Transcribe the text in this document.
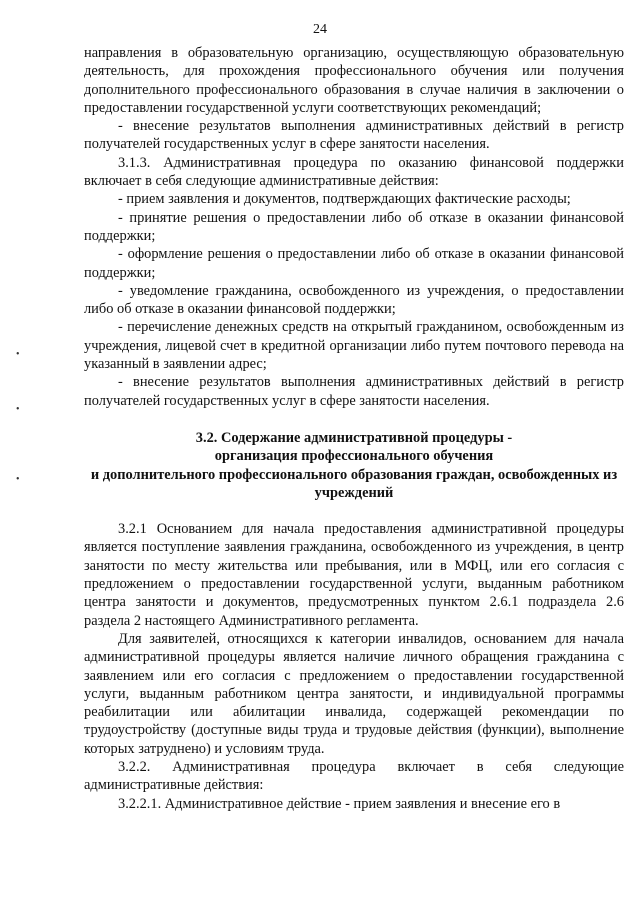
24
•
•
•

направления в образовательную организацию, осуществляющую образовательную деятельность, для прохождения профессионального обучения или получения дополнительного профессионального образования в случае наличия в заключении о предоставлении государственной услуги соответствующих рекомендаций;

- внесение результатов выполнения административных действий в регистр получателей государственных услуг в сфере занятости населения.

3.1.3. Административная процедура по оказанию финансовой поддержки включает в себя следующие административные действия:

- прием заявления и документов, подтверждающих фактические расходы;

- принятие решения о предоставлении либо об отказе в оказании финансовой поддержки;

- оформление решения о предоставлении либо об отказе в оказании финансовой поддержки;

- уведомление гражданина, освобожденного из учреждения, о предоставлении либо об отказе в оказании финансовой поддержки;

- перечисление денежных средств на открытый гражданином, освобожденным из учреждения, лицевой счет в кредитной организации либо путем почтового перевода на указанный в заявлении адрес;

- внесение результатов выполнения административных действий в регистр получателей государственных услуг в сфере занятости населения.

3.2. Содержание административной процедуры -
организация профессионального обучения
и дополнительного профессионального образования граждан, освобожденных из учреждений

3.2.1 Основанием для начала предоставления административной процедуры является поступление заявления гражданина, освобожденного из учреждения, в центр занятости по месту жительства или пребывания, или в МФЦ, или его согласия с предложением о предоставлении государственной услуги, выданным работником центра занятости и документов, предусмотренных пунктом 2.6.1 подраздела 2.6 раздела 2 настоящего Административного регламента.

Для заявителей, относящихся к категории инвалидов, основанием для начала административной процедуры является наличие личного обращения гражданина с заявлением или его согласия с предложением о предоставлении государственной услуги, выданным работником центра занятости, и индивидуальной программы реабилитации или абилитации инвалида, содержащей рекомендации по трудоустройству (доступные виды труда и трудовые действия (функции), выполнение которых затруднено) и условиям труда.

3.2.2. Административная процедура включает в себя следующие административные действия:

3.2.2.1. Административное действие - прием заявления и внесение его в
